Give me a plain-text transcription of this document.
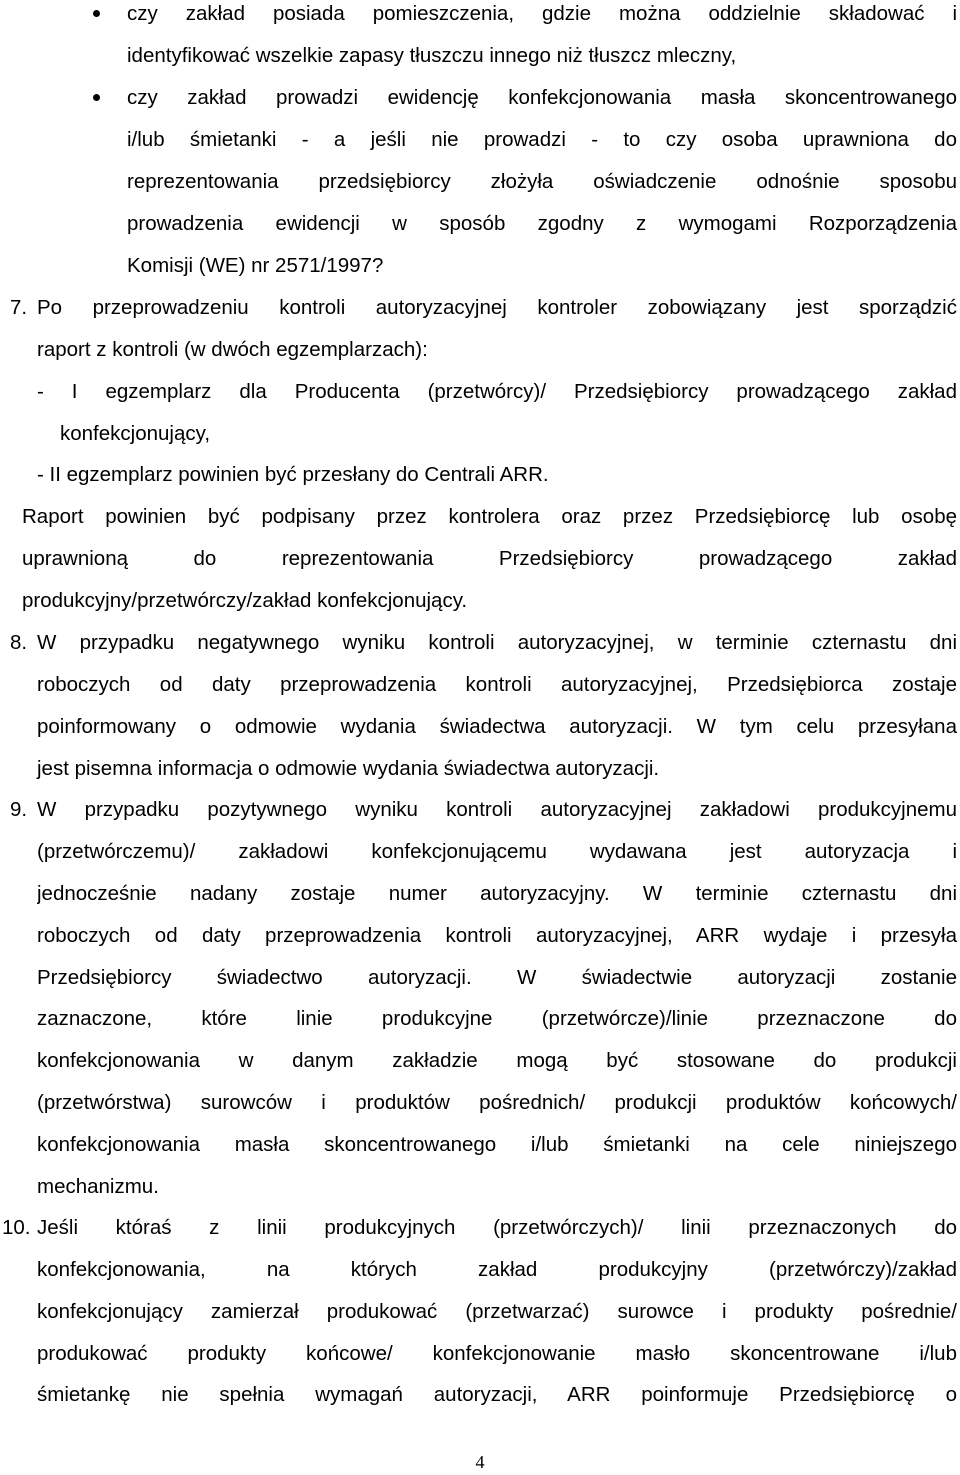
czy zakład posiada pomieszczenia, gdzie można oddzielnie składować i
identyfikować wszelkie zapasy tłuszczu innego niż tłuszcz mleczny,
czy zakład prowadzi ewidencję konfekcjonowania masła skoncentrowanego
i/lub śmietanki - a jeśli nie prowadzi - to czy osoba uprawniona do
reprezentowania przedsiębiorcy złożyła oświadczenie odnośnie sposobu
prowadzenia ewidencji w sposób zgodny z wymogami Rozporządzenia
Komisji (WE) nr 2571/1997?
7. Po przeprowadzeniu kontroli autoryzacyjnej kontroler zobowiązany jest sporządzić
raport z kontroli (w dwóch egzemplarzach):
- I egzemplarz dla Producenta (przetwórcy)/ Przedsiębiorcy prowadzącego zakład
konfekcjonujący,
- II egzemplarz powinien być przesłany do Centrali ARR.
Raport powinien być podpisany przez kontrolera oraz przez Przedsiębiorcę lub osobę
uprawnioną do reprezentowania Przedsiębiorcy prowadzącego zakład
produkcyjny/przetwórczy/zakład konfekcjonujący.
8. W przypadku negatywnego wyniku kontroli autoryzacyjnej, w terminie czternastu dni
roboczych od daty przeprowadzenia kontroli autoryzacyjnej, Przedsiębiorca zostaje
poinformowany o odmowie wydania świadectwa autoryzacji. W tym celu przesyłana
jest pisemna informacja o odmowie wydania świadectwa autoryzacji.
9. W przypadku pozytywnego wyniku kontroli autoryzacyjnej zakładowi produkcyjnemu
(przetwórczemu)/ zakładowi konfekcjonującemu wydawana jest autoryzacja i
jednocześnie nadany zostaje numer autoryzacyjny. W terminie czternastu dni
roboczych od daty przeprowadzenia kontroli autoryzacyjnej, ARR wydaje i przesyła
Przedsiębiorcy świadectwo autoryzacji. W świadectwie autoryzacji zostanie
zaznaczone, które linie produkcyjne (przetwórcze)/linie przeznaczone do
konfekcjonowania w danym zakładzie mogą być stosowane do produkcji
(przetwórstwa) surowców i produktów pośrednich/ produkcji produktów końcowych/
konfekcjonowania masła skoncentrowanego i/lub śmietanki na cele niniejszego
mechanizmu.
10. Jeśli któraś z linii produkcyjnych (przetwórczych)/ linii przeznaczonych do
konfekcjonowania, na których zakład produkcyjny (przetwórczy)/zakład
konfekcjonujący zamierzał produkować (przetwarzać) surowce i produkty pośrednie/
produkować produkty końcowe/ konfekcjonowanie masło skoncentrowane i/lub
śmietankę nie spełnia wymagań autoryzacji, ARR poinformuje Przedsiębiorcę o
4
